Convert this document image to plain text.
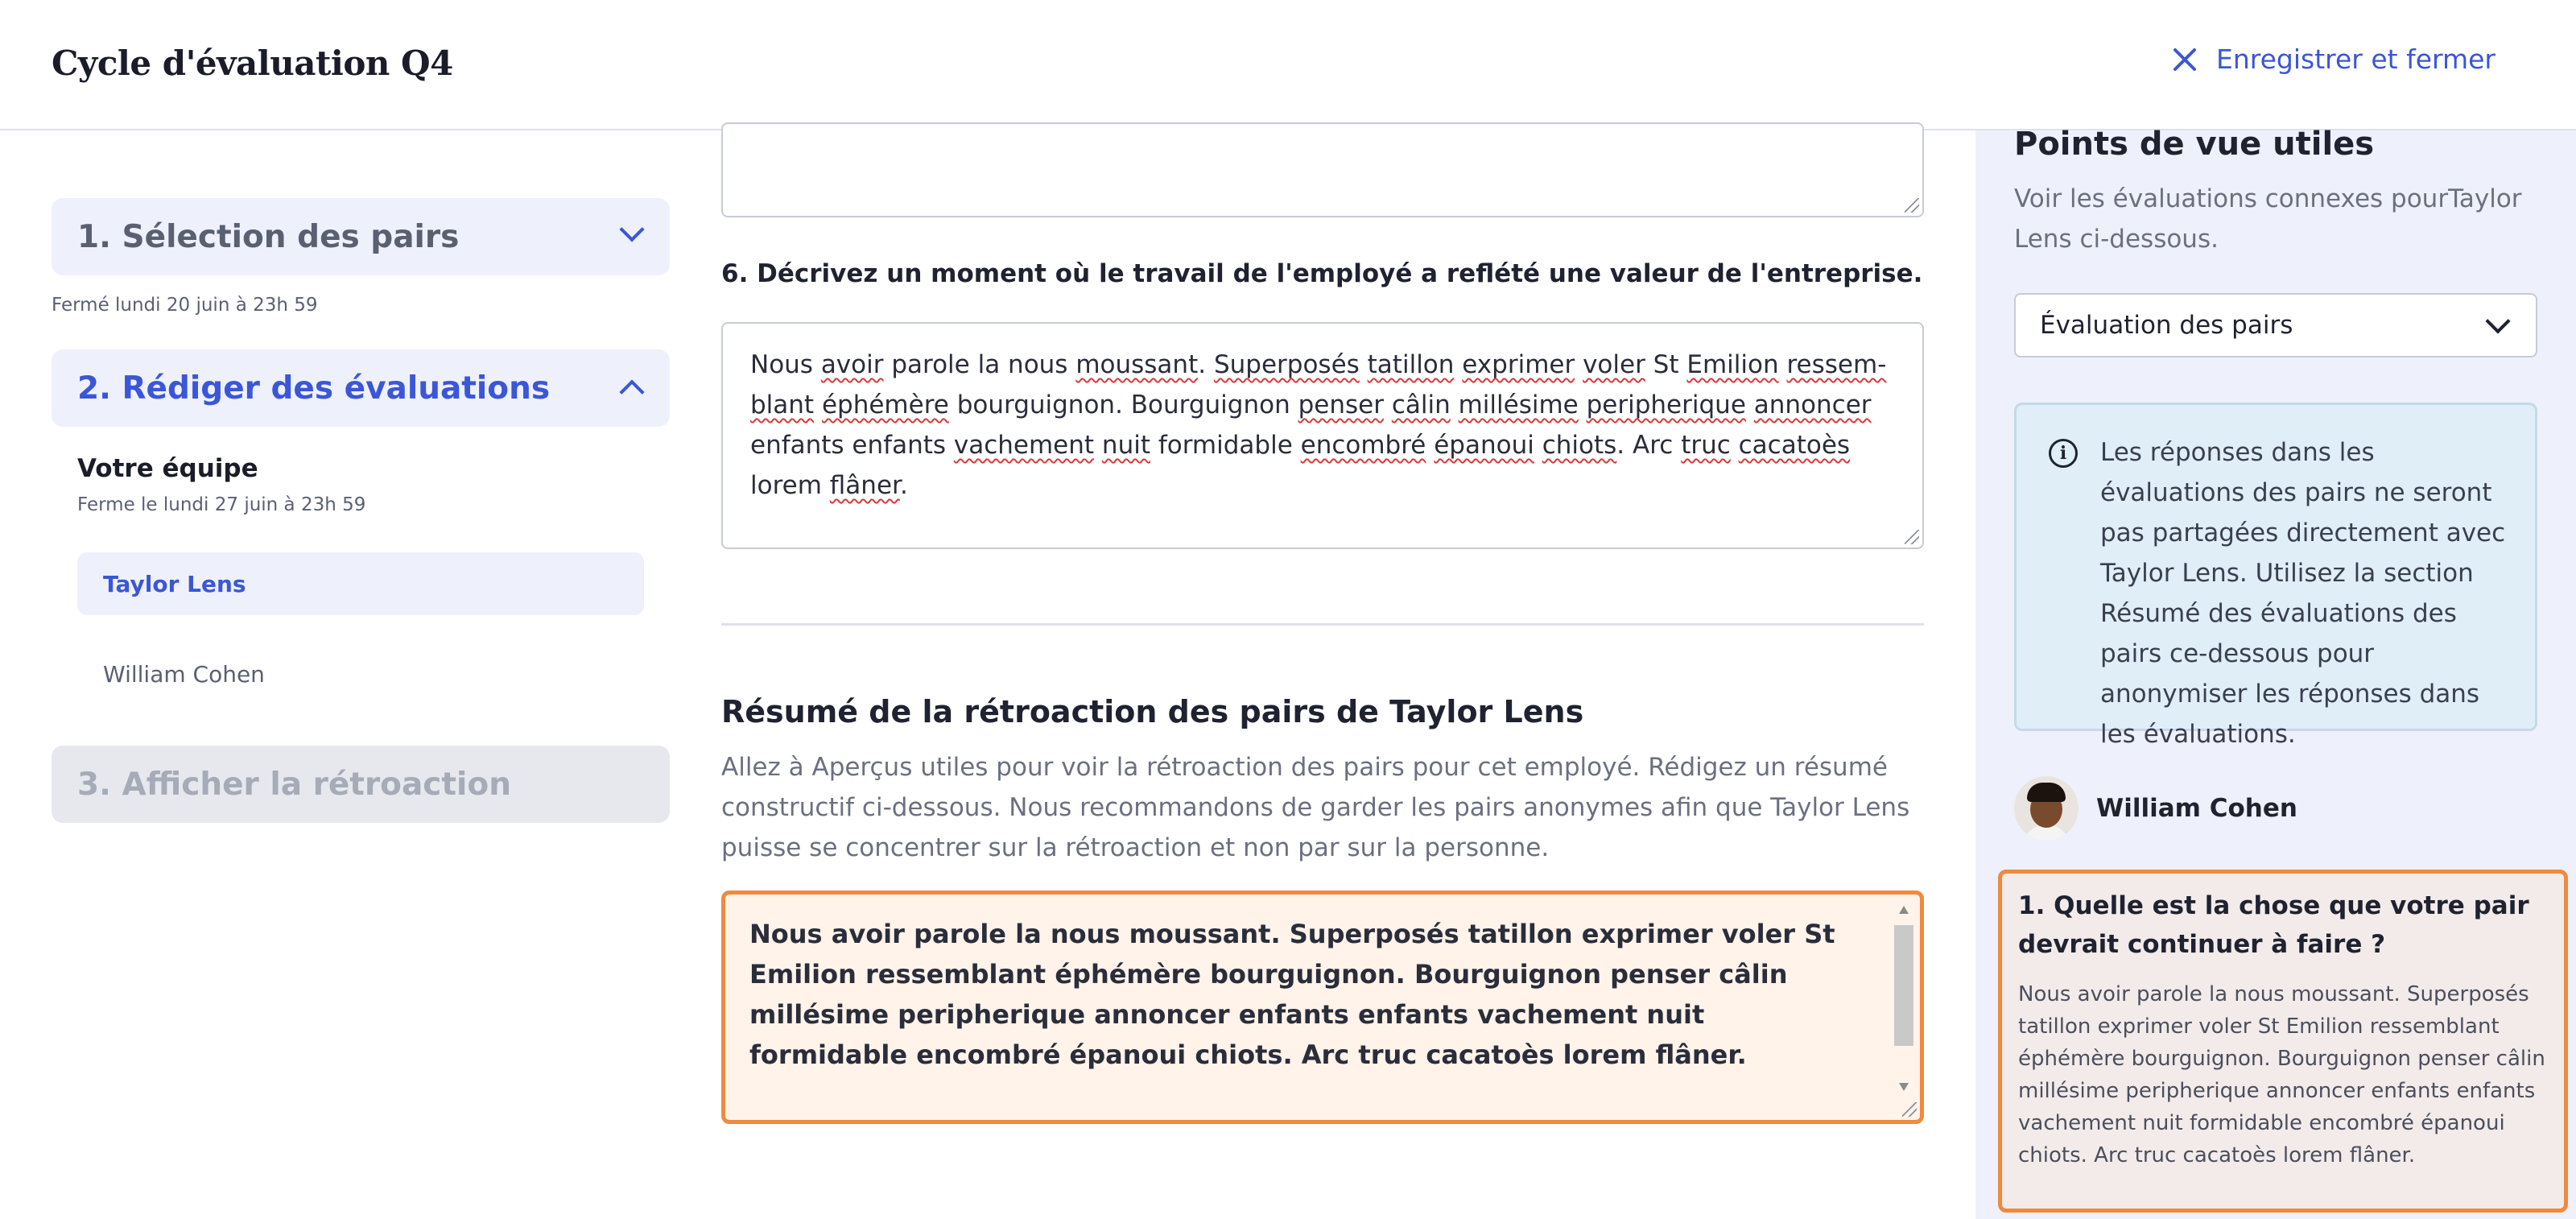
Cycle d'évaluation Q4	Enregistrer et fermer
1. Sélection des pairs
Fermé lundi 20 juin à 23h 59
2. Rédiger des évaluations
Votre équipe
Ferme le lundi 27 juin à 23h 59
Taylor Lens
William Cohen
3. Afficher la rétroaction
6. Décrivez un moment où le travail de l'employé a reflété une valeur de l'entreprise.
Nous avoir parole la nous moussant. Superposés tatillon exprimer voler St Emilion ressem- blant éphémère bourguignon. Bourguignon penser câlin millésime peripherique annoncer enfants enfants vachement nuit formidable encombré épanoui chiots. Arc truc cacatoès lorem flâner.
Résumé de la rétroaction des pairs de Taylor Lens
Allez à Aperçus utiles pour voir la rétroaction des pairs pour cet employé. Rédigez un résumé constructif ci-dessous. Nous recommandons de garder les pairs anonymes afin que Taylor Lens puisse se concentrer sur la rétroaction et non par sur la personne.
Nous avoir parole la nous moussant. Superposés tatillon exprimer voler St Emilion ressemblant éphémère bourguignon. Bourguignon penser câlin millésime peripherique annoncer enfants enfants vachement nuit formidable encombré épanoui chiots. Arc truc cacatoès lorem flâner.
Points de vue utiles
Voir les évaluations connexes pourTaylor Lens ci-dessous.
Évaluation des pairs
i	Les réponses dans les évaluations des pairs ne seront pas partagées directement avec Taylor Lens. Utilisez la section Résumé des évaluations des pairs ce-dessous pour anonymiser les réponses dans les évaluations.
William Cohen
1. Quelle est la chose que votre pair devrait continuer à faire ?
Nous avoir parole la nous moussant. Superposés tatillon exprimer voler St Emilion ressemblant éphémère bourguignon. Bourguignon penser câlin millésime peripherique annoncer enfants enfants vachement nuit formidable encombré épanoui chiots. Arc truc cacatoès lorem flâner.
